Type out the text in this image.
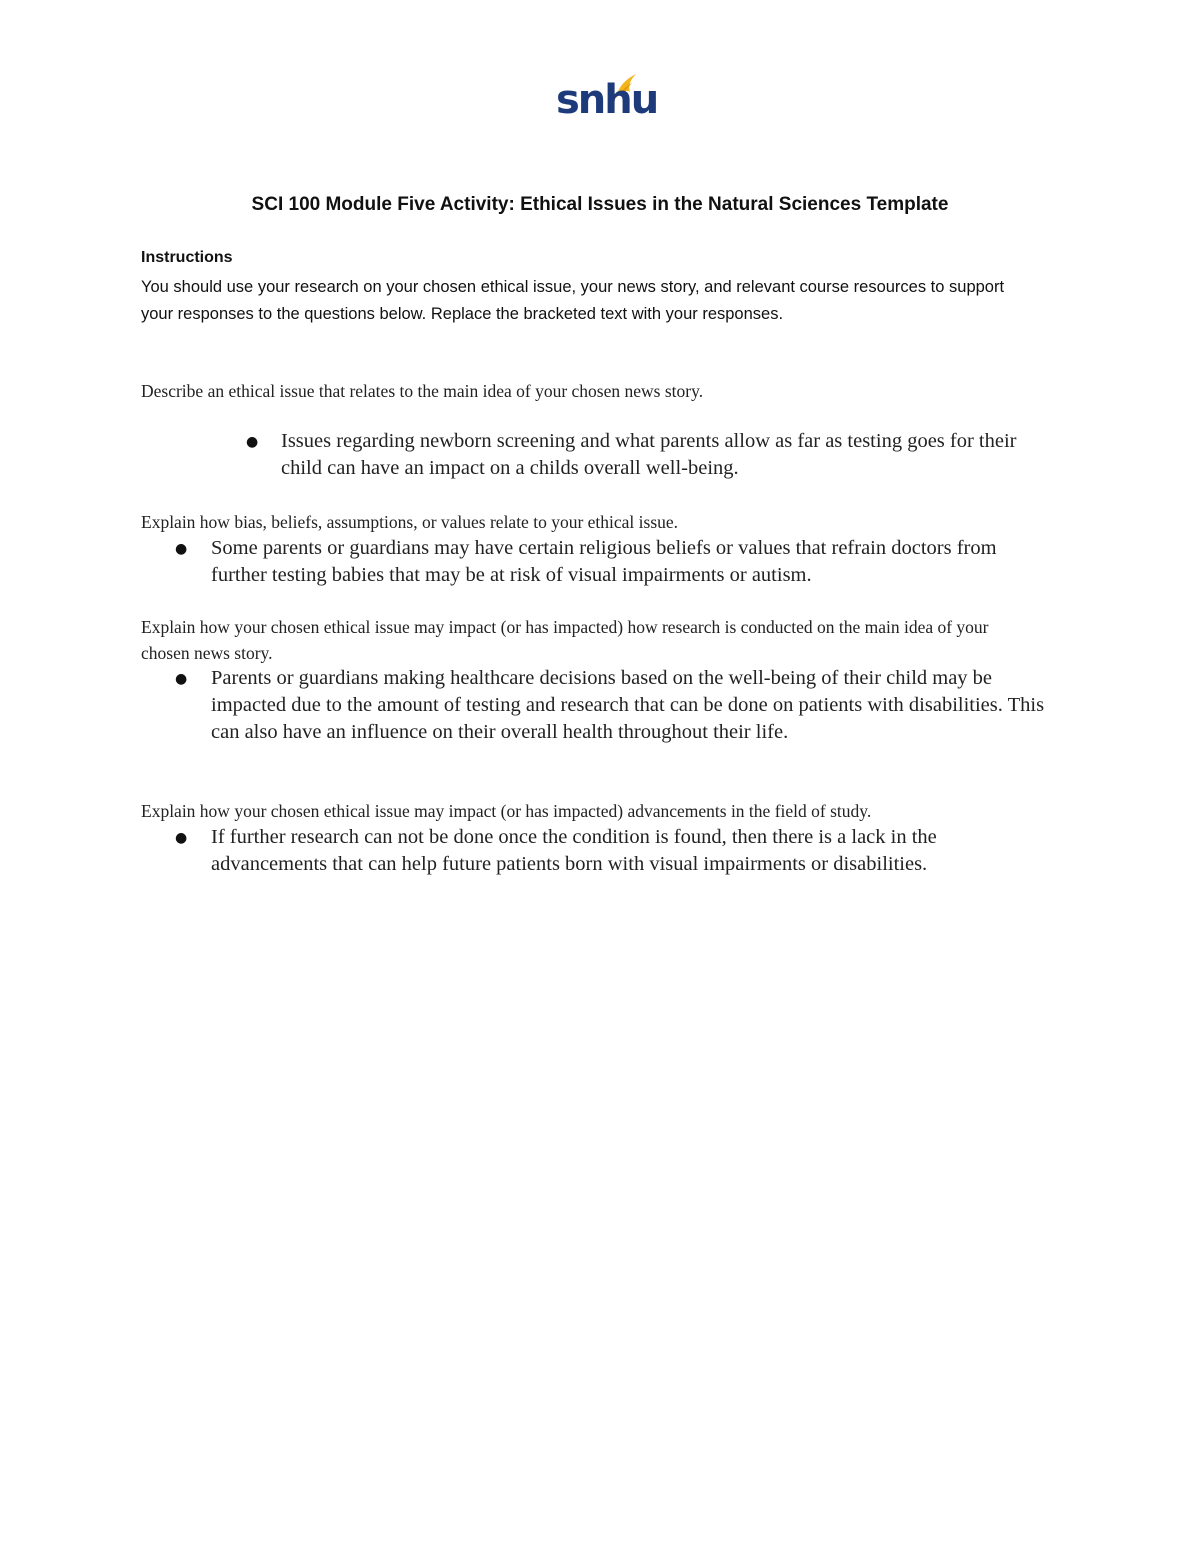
snhu
SCI 100 Module Five Activity: Ethical Issues in the Natural Sciences Template

Instructions

You should use your research on your chosen ethical issue, your news story, and relevant course resources to support your responses to the questions below. Replace the bracketed text with your responses.

Describe an ethical issue that relates to the main idea of your chosen news story.

● Issues regarding newborn screening and what parents allow as far as testing goes for their child can have an impact on a childs overall well-being.

Explain how bias, beliefs, assumptions, or values relate to your ethical issue.

● Some parents or guardians may have certain religious beliefs or values that refrain doctors from further testing babies that may be at risk of visual impairments or autism.

Explain how your chosen ethical issue may impact (or has impacted) how research is conducted on the main idea of your chosen news story.

● Parents or guardians making healthcare decisions based on the well-being of their child may be impacted due to the amount of testing and research that can be done on patients with disabilities. This can also have an influence on their overall health throughout their life.

Explain how your chosen ethical issue may impact (or has impacted) advancements in the field of study.

● If further research can not be done once the condition is found, then there is a lack in the advancements that can help future patients born with visual impairments or disabilities.
